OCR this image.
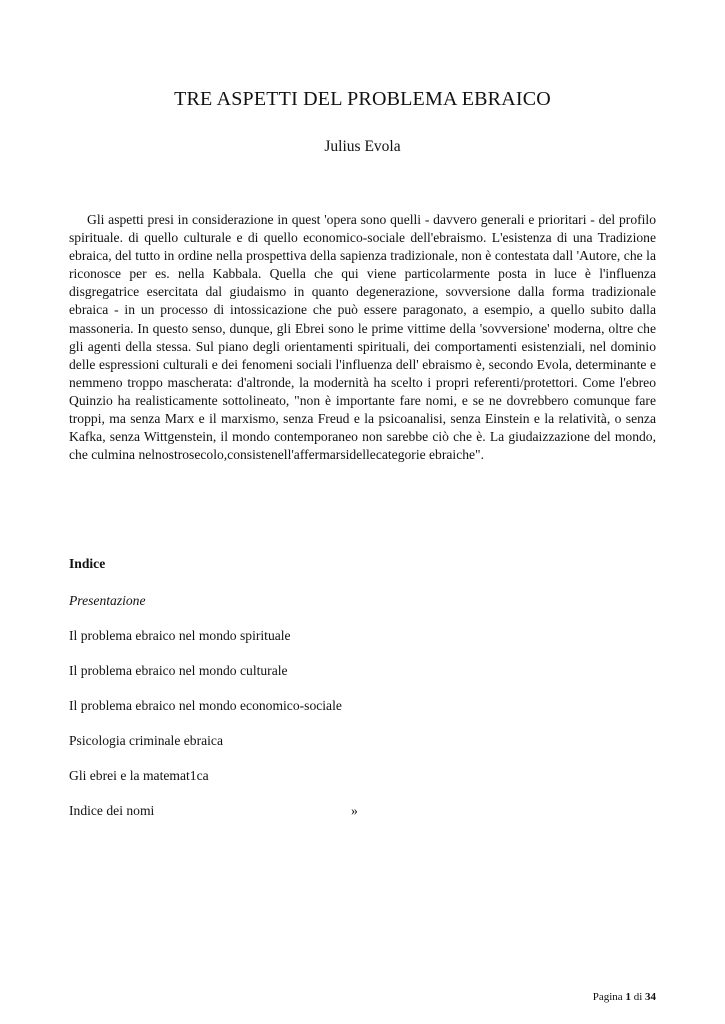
TRE ASPETTI DEL PROBLEMA EBRAICO
Julius Evola

Gli aspetti presi in considerazione in quest 'opera sono quelli - davvero generali e prioritari - del profilo spirituale. di quello culturale e di quello economico-sociale dell'ebraismo. L'esistenza di una Tradizione ebraica, del tutto in ordine nella prospettiva della sapienza tradizionale, non è contestata dall 'Autore, che la riconosce per es. nella Kabbala. Quella che qui viene particolarmente posta in luce è l'influenza disgregatrice esercitata dal giudaismo in quanto degenerazione, sovversione dalla forma tradizionale ebraica - in un processo di intossicazione che può essere paragonato, a esempio, a quello subito dalla massoneria. In questo senso, dunque, gli Ebrei sono le prime vittime della 'sovversione' moderna, oltre che gli agenti della stessa. Sul piano degli orientamenti spirituali, dei comportamenti esistenziali, nel dominio delle espressioni culturali e dei fenomeni sociali l'influenza dell' ebraismo è, secondo Evola, determinante e nemmeno troppo mascherata: d'altronde, la modernità ha scelto i propri referenti/protettori. Come l'ebreo Quinzio ha realisticamente sottolineato, "non è importante fare nomi, e se ne dovrebbero comunque fare troppi, ma senza Marx e il marxismo, senza Freud e la psicoanalisi, senza Einstein e la relatività, o senza Kafka, senza Wittgenstein, il mondo contemporaneo non sarebbe ciò che è. La giudaizzazione del mondo, che culmina nelnostrosecolo,consistenell'affermarsidellecategorie ebraiche".

Indice
Presentazione
Il problema ebraico nel mondo spirituale
Il problema ebraico nel mondo culturale
Il problema ebraico nel mondo economico-sociale
Psicologia criminale ebraica
Gli ebrei e la matemat1ca
Indice dei nomi	»
Pagina 1 di 34
